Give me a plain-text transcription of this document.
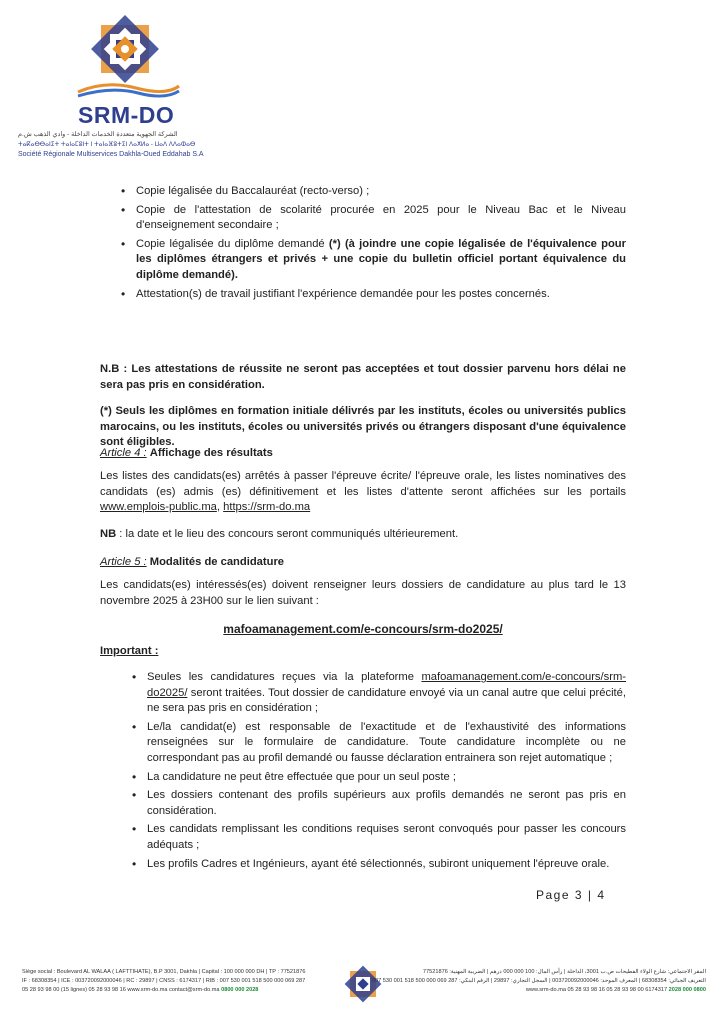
SRM-DO
الشركة الجهوية متعددة الخدمات الداخلة - وادي الذهب ش.م
ⵜⴰⴽⴰⴱⴱⴰⵏⵉⵜ ⵜⴰⵏⴰⵎⵓⵏⵜ ⵏ ⵜⴰⵏⴰⴼⵓⵜⵉⵏ ⴷⴰⵅⵍⴰ - ⵡⴰⴷ ⴷⴷⴰⵀⴰⴱ
Société Régionale Multiservices Dakhla-Oued Eddahab S.A
• Copie légalisée du Baccalauréat (recto-verso) ;
• Copie de l'attestation de scolarité procurée en 2025 pour le Niveau Bac et le Niveau d'enseignement secondaire ;
• Copie légalisée du diplôme demandé (*) (à joindre une copie légalisée de l'équivalence pour les diplômes étrangers et privés + une copie du bulletin officiel portant équivalence du diplôme demandé).
• Attestation(s) de travail justifiant l'expérience demandée pour les postes concernés.
N.B : Les attestations de réussite ne seront pas acceptées et tout dossier parvenu hors délai ne sera pas pris en considération.
(*) Seuls les diplômes en formation initiale délivrés par les instituts, écoles ou universités publics marocains, ou les instituts, écoles ou universités privés ou étrangers disposant d'une équivalence sont éligibles.
Article 4 : Affichage des résultats
Les listes des candidats(es) arrêtés à passer l'épreuve écrite/ l'épreuve orale, les listes nominatives des candidats (es) admis (es) définitivement et les listes d'attente seront affichées sur les portails www.emplois-public.ma, https://srm-do.ma
NB : la date et le lieu des concours seront communiqués ultérieurement.
Article 5 : Modalités de candidature
Les candidats(es) intéressés(es) doivent renseigner leurs dossiers de candidature au plus tard le 13 novembre 2025 à 23H00 sur le lien suivant :
mafoamanagement.com/e-concours/srm-do2025/
Important :
• Seules les candidatures reçues via la plateforme mafoamanagement.com/e-concours/srm-do2025/ seront traitées. Tout dossier de candidature envoyé via un canal autre que celui précité, ne sera pas pris en considération ;
• Le/la candidat(e) est responsable de l'exactitude et de l'exhaustivité des informations renseignées sur le formulaire de candidature. Toute candidature incomplète ou ne correspondant pas au profil demandé ou fausse déclaration entrainera son rejet automatique ;
• La candidature ne peut être effectuée que pour un seul poste ;
• Les dossiers contenant des profils supérieurs aux profils demandés ne seront pas pris en considération.
• Les candidats remplissant les conditions requises seront convoqués pour passer les concours adéquats ;
• Les profils Cadres et Ingénieurs, ayant été sélectionnés, subiront uniquement l'épreuve orale.
Page 3 | 4
Siège social : Boulevard AL WALAA ( LAFTTIHATE), B.P 3001, Dakhla | Capital : 100 000 000 DH | TP : 77521876
IF : 68308354 | ICE : 003720092000046 | RC : 29897 | CNSS : 6174317 | RIB : 007 530 001 518 500 000 069 287
05 28 93 98 00 (15 lignes) 05 28 93 98 16 www.srm-do.ma contact@srm-do.ma 0800 000 2028
المقر الاجتماعي: شارع الولاء الفطيحات ص.ب 3001، الداخلة | رأس المال: 100 000 000 درهم | الضريبة المهنية: 77521876
التعريف الجبائي: 68308354 | المعرف الموحد: 003720092000046 | السجل التجاري: 29897 | الرقم البنكي: 287 069 000 500 518 001 530 007
0800 000 2028 www.srm-do.ma 05 28 93 98 16 05 28 93 98 00 6174317
